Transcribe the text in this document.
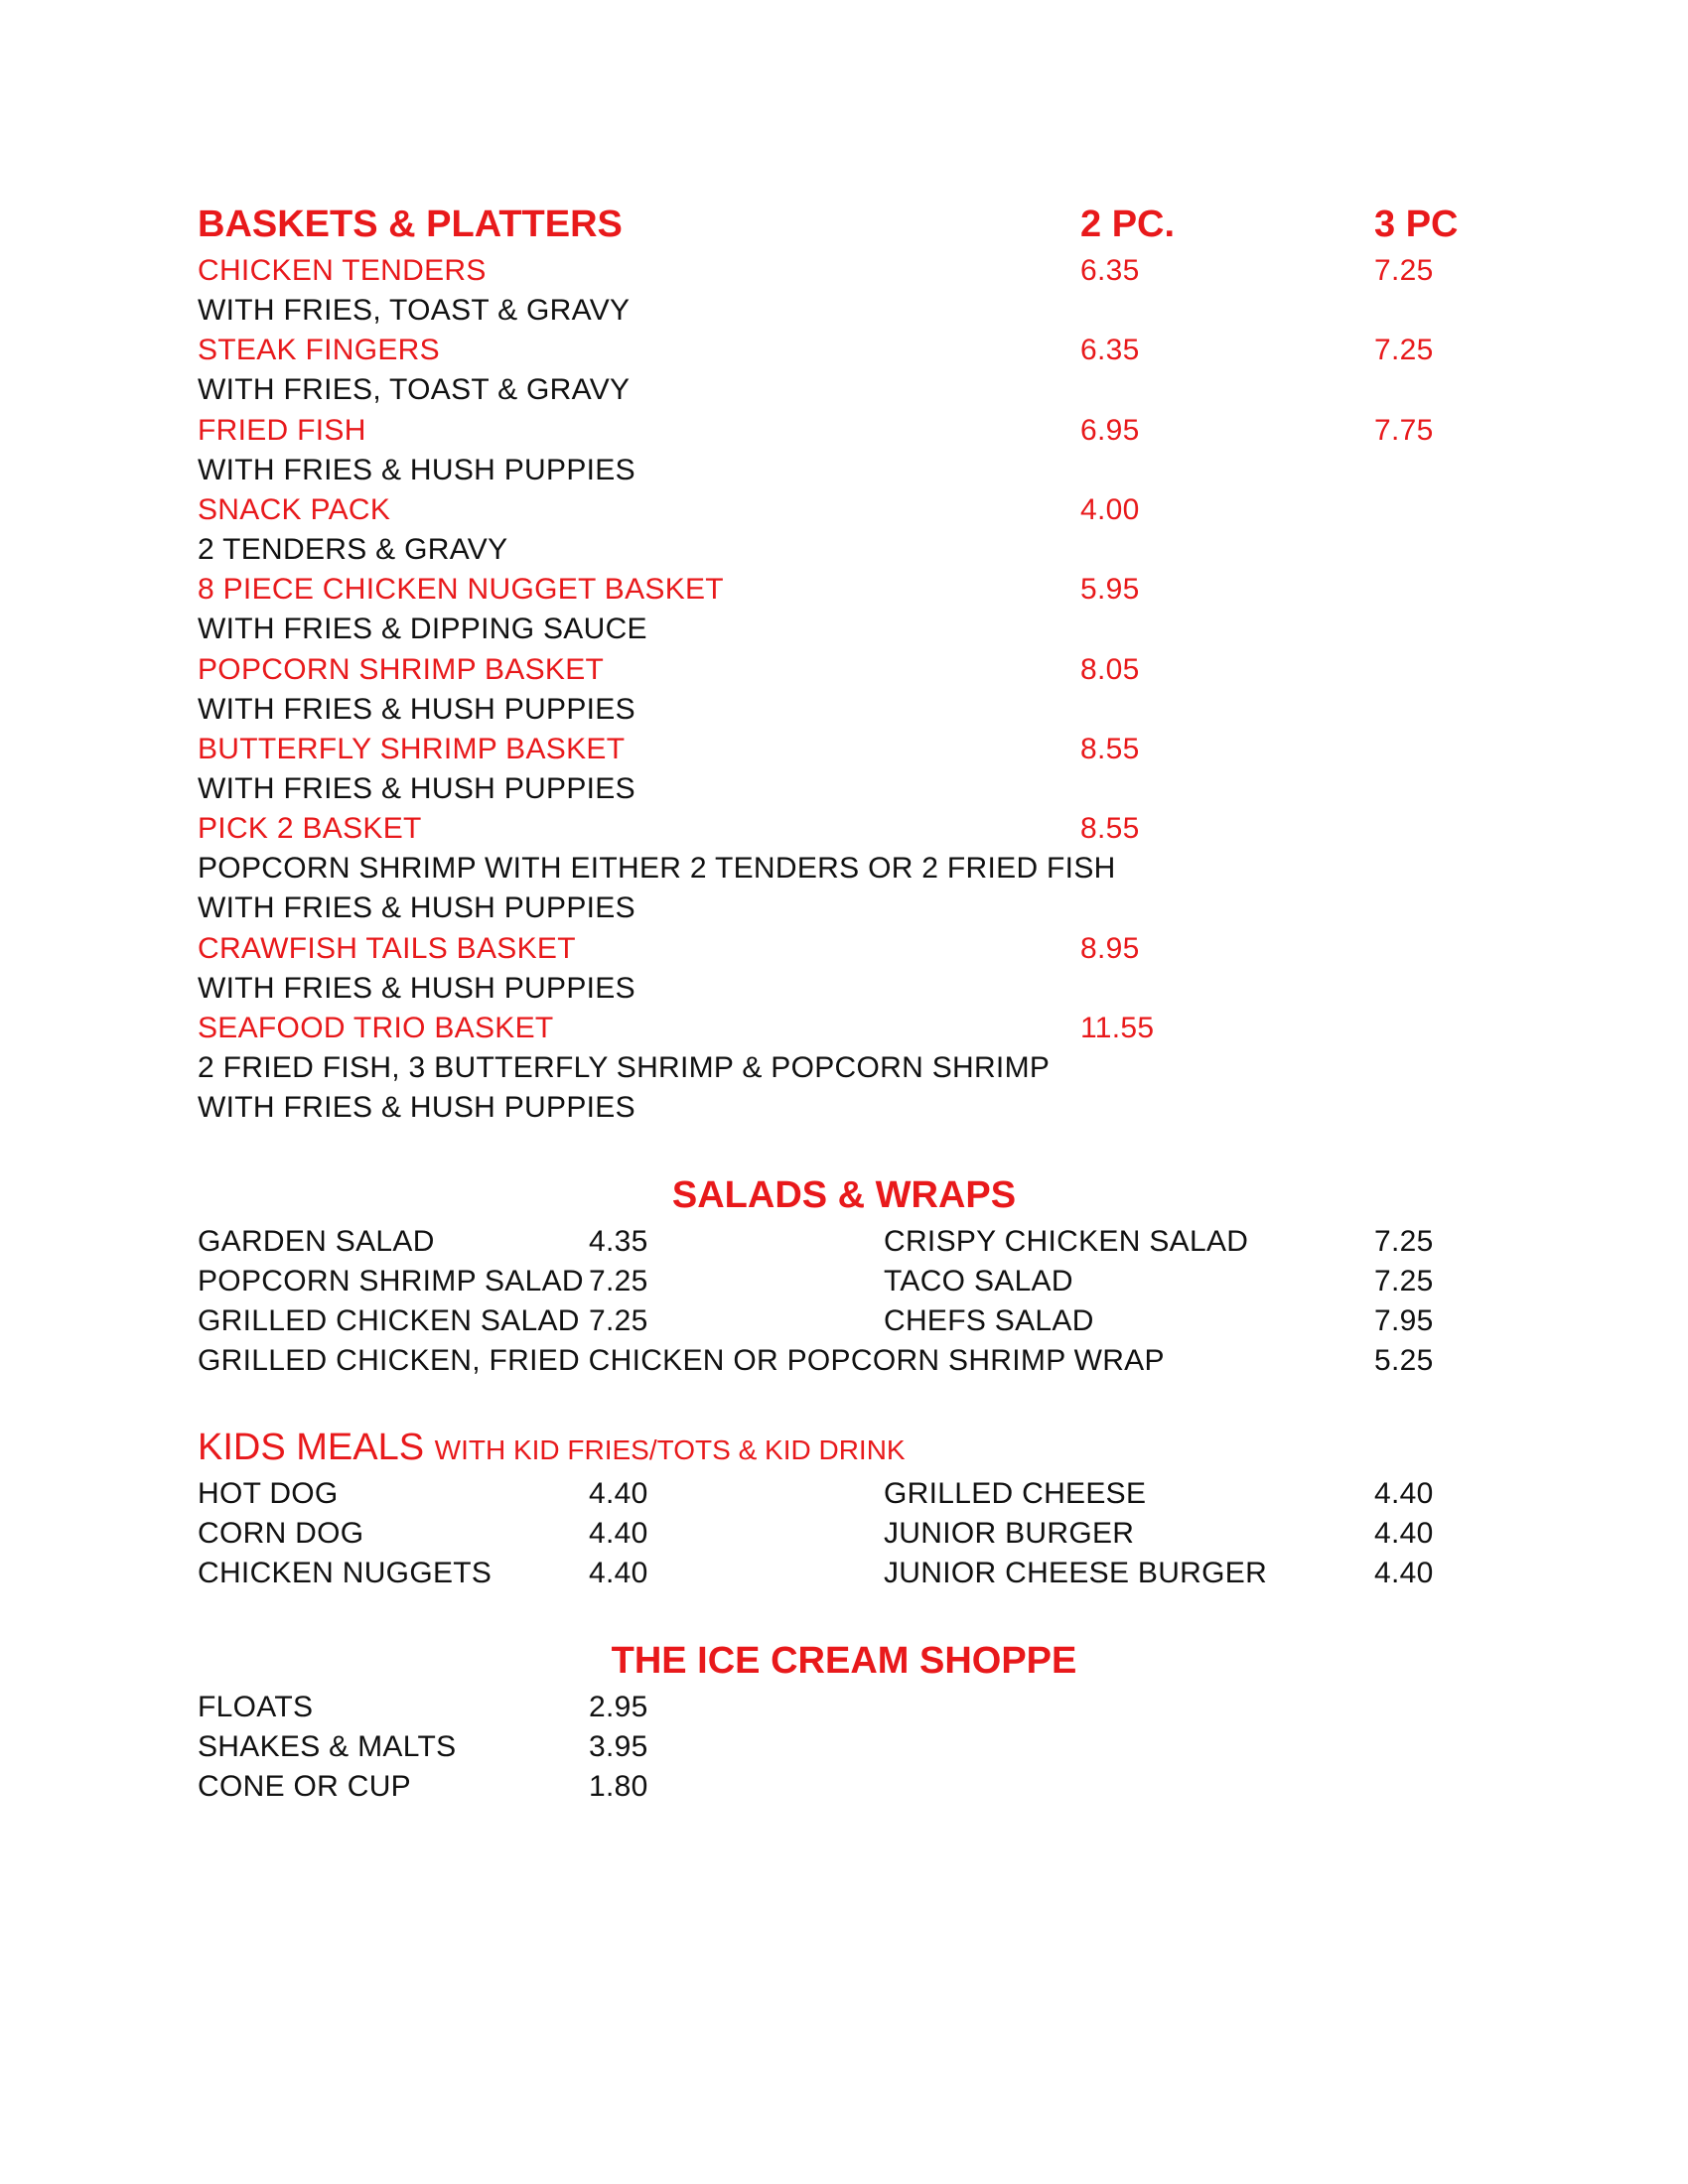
BASKETS & PLATTERS	2 PC.	3 PC
CHICKEN TENDERS	6.35	7.25
WITH FRIES, TOAST & GRAVY
STEAK FINGERS	6.35	7.25
WITH FRIES, TOAST & GRAVY
FRIED FISH	6.95	7.75
WITH FRIES & HUSH PUPPIES
SNACK PACK	4.00
2 TENDERS & GRAVY
8 PIECE CHICKEN NUGGET BASKET	5.95
WITH FRIES & DIPPING SAUCE
POPCORN SHRIMP BASKET	8.05
WITH FRIES & HUSH PUPPIES
BUTTERFLY SHRIMP BASKET	8.55
WITH FRIES & HUSH PUPPIES
PICK 2 BASKET	8.55
POPCORN SHRIMP WITH EITHER 2 TENDERS OR 2 FRIED FISH
WITH FRIES & HUSH PUPPIES
CRAWFISH TAILS BASKET	8.95
WITH FRIES & HUSH PUPPIES
SEAFOOD TRIO BASKET	11.55
2 FRIED FISH, 3 BUTTERFLY SHRIMP & POPCORN SHRIMP
WITH FRIES & HUSH PUPPIES
SALADS & WRAPS
GARDEN SALAD	4.35	CRISPY CHICKEN SALAD	7.25
POPCORN SHRIMP SALAD 7.25	TACO SALAD	7.25
GRILLED CHICKEN SALAD 7.25	CHEFS SALAD	7.95
GRILLED CHICKEN, FRIED CHICKEN OR POPCORN SHRIMP WRAP	5.25
KIDS MEALS WITH KID FRIES/TOTS & KID DRINK
HOT DOG	4.40	GRILLED CHEESE	4.40
CORN DOG	4.40	JUNIOR BURGER	4.40
CHICKEN NUGGETS	4.40	JUNIOR CHEESE BURGER	4.40
THE ICE CREAM SHOPPE
FLOATS	2.95
SHAKES & MALTS	3.95
CONE OR CUP	1.80
